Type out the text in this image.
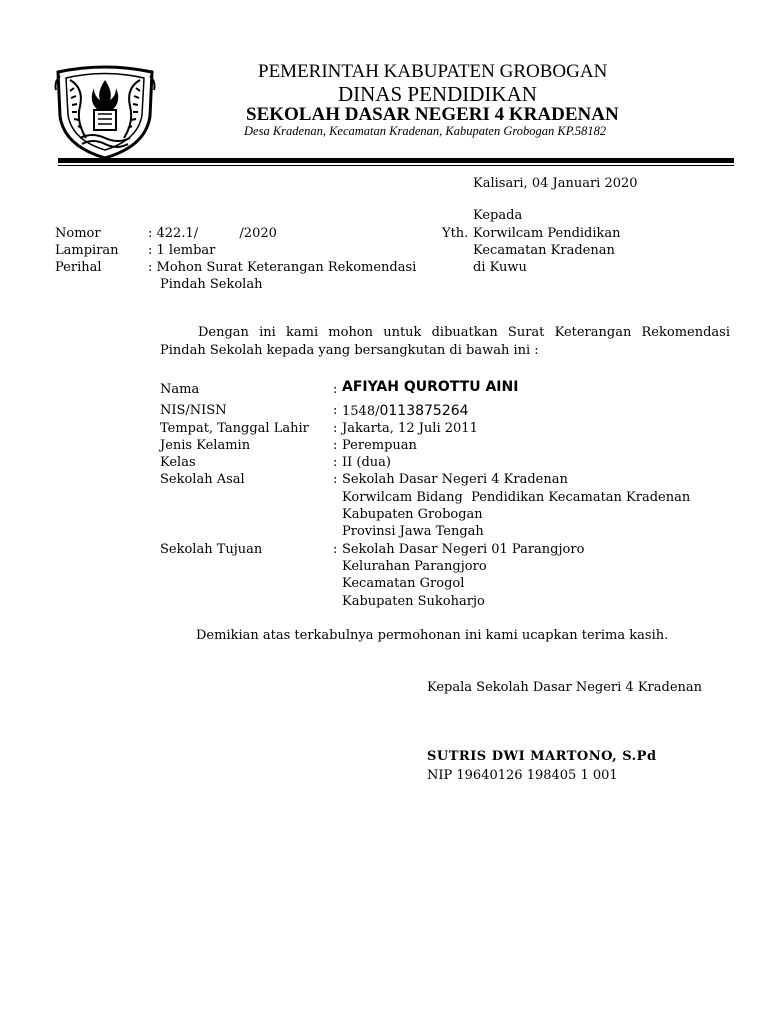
PEMERINTAH KABUPATEN GROBOGAN
DINAS PENDIDIKAN
SEKOLAH DASAR NEGERI 4 KRADENAN
Desa Kradenan, Kecamatan Kradenan, Kabupaten Grobogan KP.58182
Kalisari, 04 Januari 2020
Kepada
Yth. Korwilcam Pendidikan
Kecamatan Kradenan
di Kuwu
Nomor	: 422.1/          /2020
Lampiran : 1 lembar
Perihal	: Mohon Surat Keterangan Rekomendasi
Pindah Sekolah
Dengan ini kami mohon untuk dibuatkan Surat Keterangan Rekomendasi Pindah Sekolah kepada yang bersangkutan di bawah ini :
Nama	: AFIYAH QUROTTU AINI
NIS/NISN	: 1548/0113875264
Tempat, Tanggal Lahir : Jakarta, 12 Juli 2011
Jenis Kelamin	: Perempuan
Kelas	: II (dua)
Sekolah Asal	: Sekolah Dasar Negeri 4 Kradenan
Korwilcam Bidang  Pendidikan Kecamatan Kradenan
Kabupaten Grobogan
Provinsi Jawa Tengah
Sekolah Tujuan	: Sekolah Dasar Negeri 01 Parangjoro
Kelurahan Parangjoro
Kecamatan Grogol
Kabupaten Sukoharjo
Demikian atas terkabulnya permohonan ini kami ucapkan terima kasih.
Kepala Sekolah Dasar Negeri 4 Kradenan
SUTRIS DWI MARTONO, S.Pd
NIP 19640126 198405 1 001
